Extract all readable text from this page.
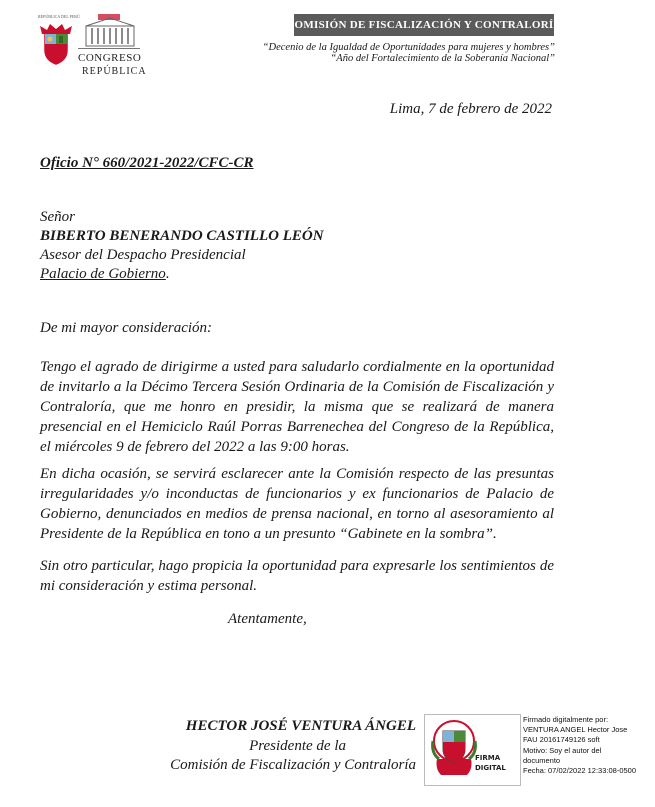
REPÚBLICA DEL PERÚ
CONGRESO
REPÚBLICA
COMISIÓN DE FISCALIZACIÓN Y CONTRALORÍA
“Decenio de la Igualdad de Oportunidades para mujeres y hombres”
“Año del Fortalecimiento de la Soberanía Nacional”
Lima, 7 de febrero de 2022
Oficio N° 660/2021-2022/CFC-CR
Señor
BIBERTO BENERANDO CASTILLO LEÓN
Asesor del Despacho Presidencial
Palacio de Gobierno.
De mi mayor consideración:

Tengo el agrado de dirigirme a usted para saludarlo cordialmente en la oportunidad de invitarlo a la Décimo Tercera Sesión Ordinaria de la Comisión de Fiscalización y Contraloría, que me honro en presidir, la misma que se realizará de manera presencial en el Hemiciclo Raúl Porras Barrenechea del Congreso de la República, el miércoles 9 de febrero del 2022 a las 9:00 horas.

En dicha ocasión, se servirá esclarecer ante la Comisión respecto de las presuntas irregularidades y/o inconductas de funcionarios y ex funcionarios de Palacio de Gobierno, denunciados en medios de prensa nacional, en torno al asesoramiento al Presidente de la República en tono a un presunto “Gabinete en la sombra”.

Sin otro particular, hago propicia la oportunidad para expresarle los sentimientos de mi consideración y estima personal.

Atentamente,
HECTOR JOSÉ VENTURA ÁNGEL
Presidente de la
Comisión de Fiscalización y Contraloría	FIRMA
DIGITAL
Firmado digitalmente por:
VENTURA ANGEL Hector Jose
FAU 20161749126 soft
Motivo: Soy el autor del
documento
Fecha: 07/02/2022 12:33:08-0500
